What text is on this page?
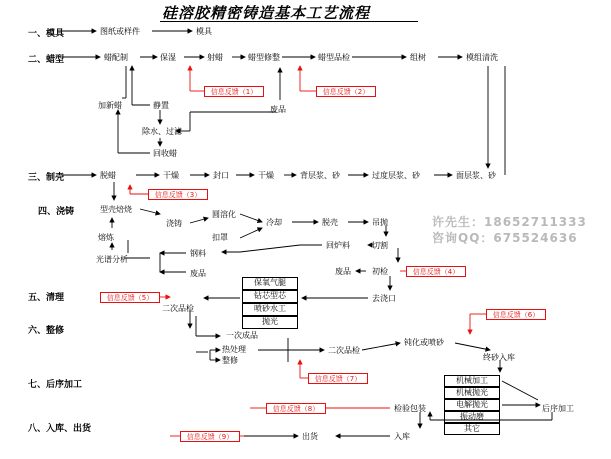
硅溶胶精密铸造基本工艺流程
许先生：18652711333
咨询QQ：675524636
一、模具
二、蜡型
三、制壳
四、浇铸
五、清理
六、整修
七、后序加工
八、入库、出货
图纸或样件	模具
蜡配制	保湿	射蜡	蜡型修整	蜡型品检	组树	模组清洗
加新蜡	静置	废品
除水、过滤
回收蜡
脱蜡	干燥	封口	干燥	背层浆、砂	过度层浆、砂	面层浆、砂
型壳焙烧
浇铸
圆溶化
冷却	脱壳	吊抛
熔炼	扣罩
光谱分析
钢料
回炉料	切割
废品	废品	初检
去浇口
保氧气腿
钻芯型芯
喷砂水工
抛光
二次品检
一次成品
热处理
整修
二次品检
钝化或喷砂
终砂入库
机械加工
机械抛光
电解抛光
振动磨
其它
后序加工
检验包装
出货	入库
信息反馈（1）	信息反馈（2）
信息反馈（3）
信息反馈（4）
信息反馈（5）
信息反馈（6）
信息反馈（7）
信息反馈（8）
信息反馈（9）
